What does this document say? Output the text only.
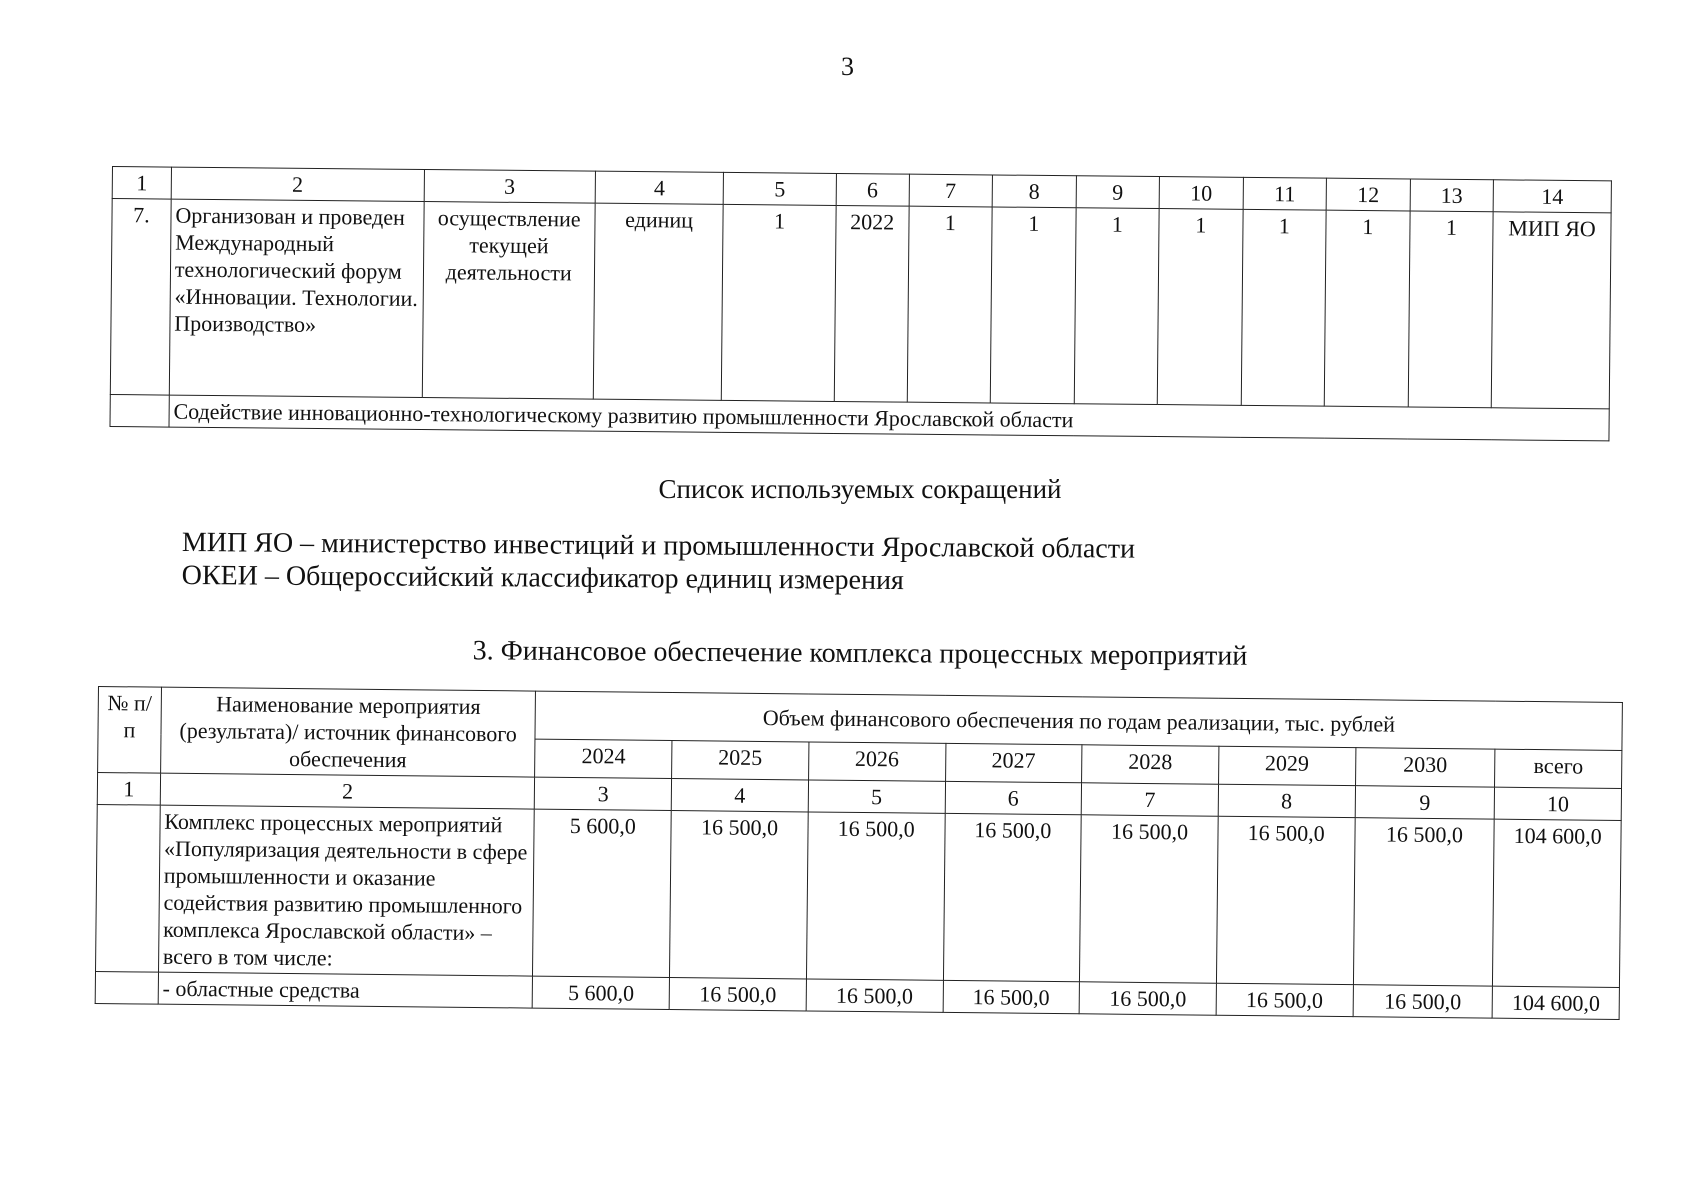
3
1	2	3	4	5	6	7	8	9	10	11	12	13	14
7.	Организован и проведен Международный технологический форум «Инновации. Технологии. Производство»	осуществление текущей деятельности	единиц	1	2022	1	1	1	1	1	1	1	МИП ЯО
	Содействие инновационно-технологическому развитию промышленности Ярославской области												
Список используемых сокращений
МИП ЯО – министерство инвестиций и промышленности Ярославской области
ОКЕИ – Общероссийский классификатор единиц измерения
3. Финансовое обеспечение комплекса процессных мероприятий
№ п/п	Наименование мероприятия (результата)/ источник финансового обеспечения	Объем финансового обеспечения по годам реализации, тыс. рублей							
		2024	2025	2026	2027	2028	2029	2030	всего
1	2	3	4	5	6	7	8	9	10
	Комплекс процессных мероприятий «Популяризация деятельности в сфере промышленности и оказание содействия развитию промышленного комплекса Ярославской области» – всего в том числе:	5 600,0	16 500,0	16 500,0	16 500,0	16 500,0	16 500,0	16 500,0	104 600,0
	- областные средства	5 600,0	16 500,0	16 500,0	16 500,0	16 500,0	16 500,0	16 500,0	104 600,0
